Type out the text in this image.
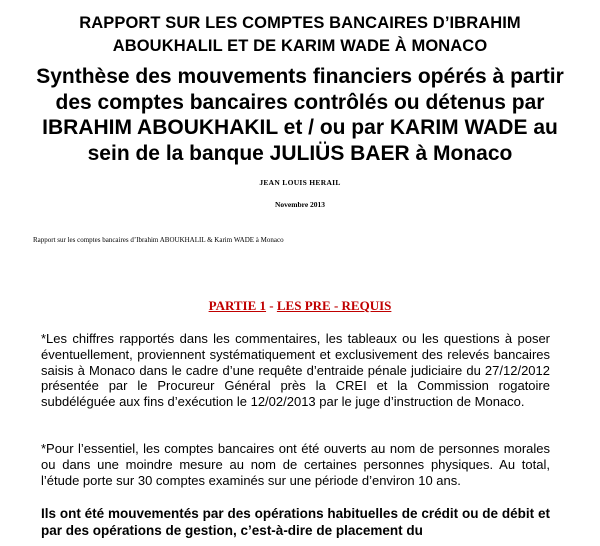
RAPPORT SUR LES COMPTES BANCAIRES D’IBRAHIM ABOUKHALIL ET DE KARIM WADE À MONACO
Synthèse des mouvements financiers opérés à partir des comptes bancaires contrôlés ou détenus par IBRAHIM ABOUKHAKIL et / ou par KARIM WADE au sein de la banque JULIÜS BAER à Monaco
JEAN LOUIS HERAIL
Novembre 2013
Rapport sur les comptes bancaires d’Ibrahim ABOUKHALIL & Karim WADE à Monaco
PARTIE 1 - LES PRE - REQUIS

*Les chiffres rapportés dans les commentaires, les tableaux ou les questions à poser éventuellement, proviennent systématiquement et exclusivement des relevés bancaires saisis à Monaco dans le cadre d’une requête d’entraide pénale judiciaire du 27/12/2012 présentée par le Procureur Général près la CREI et la Commission rogatoire subdéléguée aux fins d’exécution le 12/02/2013 par le juge d’instruction de Monaco.

*Pour l’essentiel, les comptes bancaires ont été ouverts au nom de personnes morales ou dans une moindre mesure au nom de certaines personnes physiques. Au total, l’étude porte sur 30 comptes examinés sur une période d’environ 10 ans.

Ils ont été mouvementés par des opérations habituelles de crédit ou de débit et par des opérations de gestion, c’est-à-dire de placement du
